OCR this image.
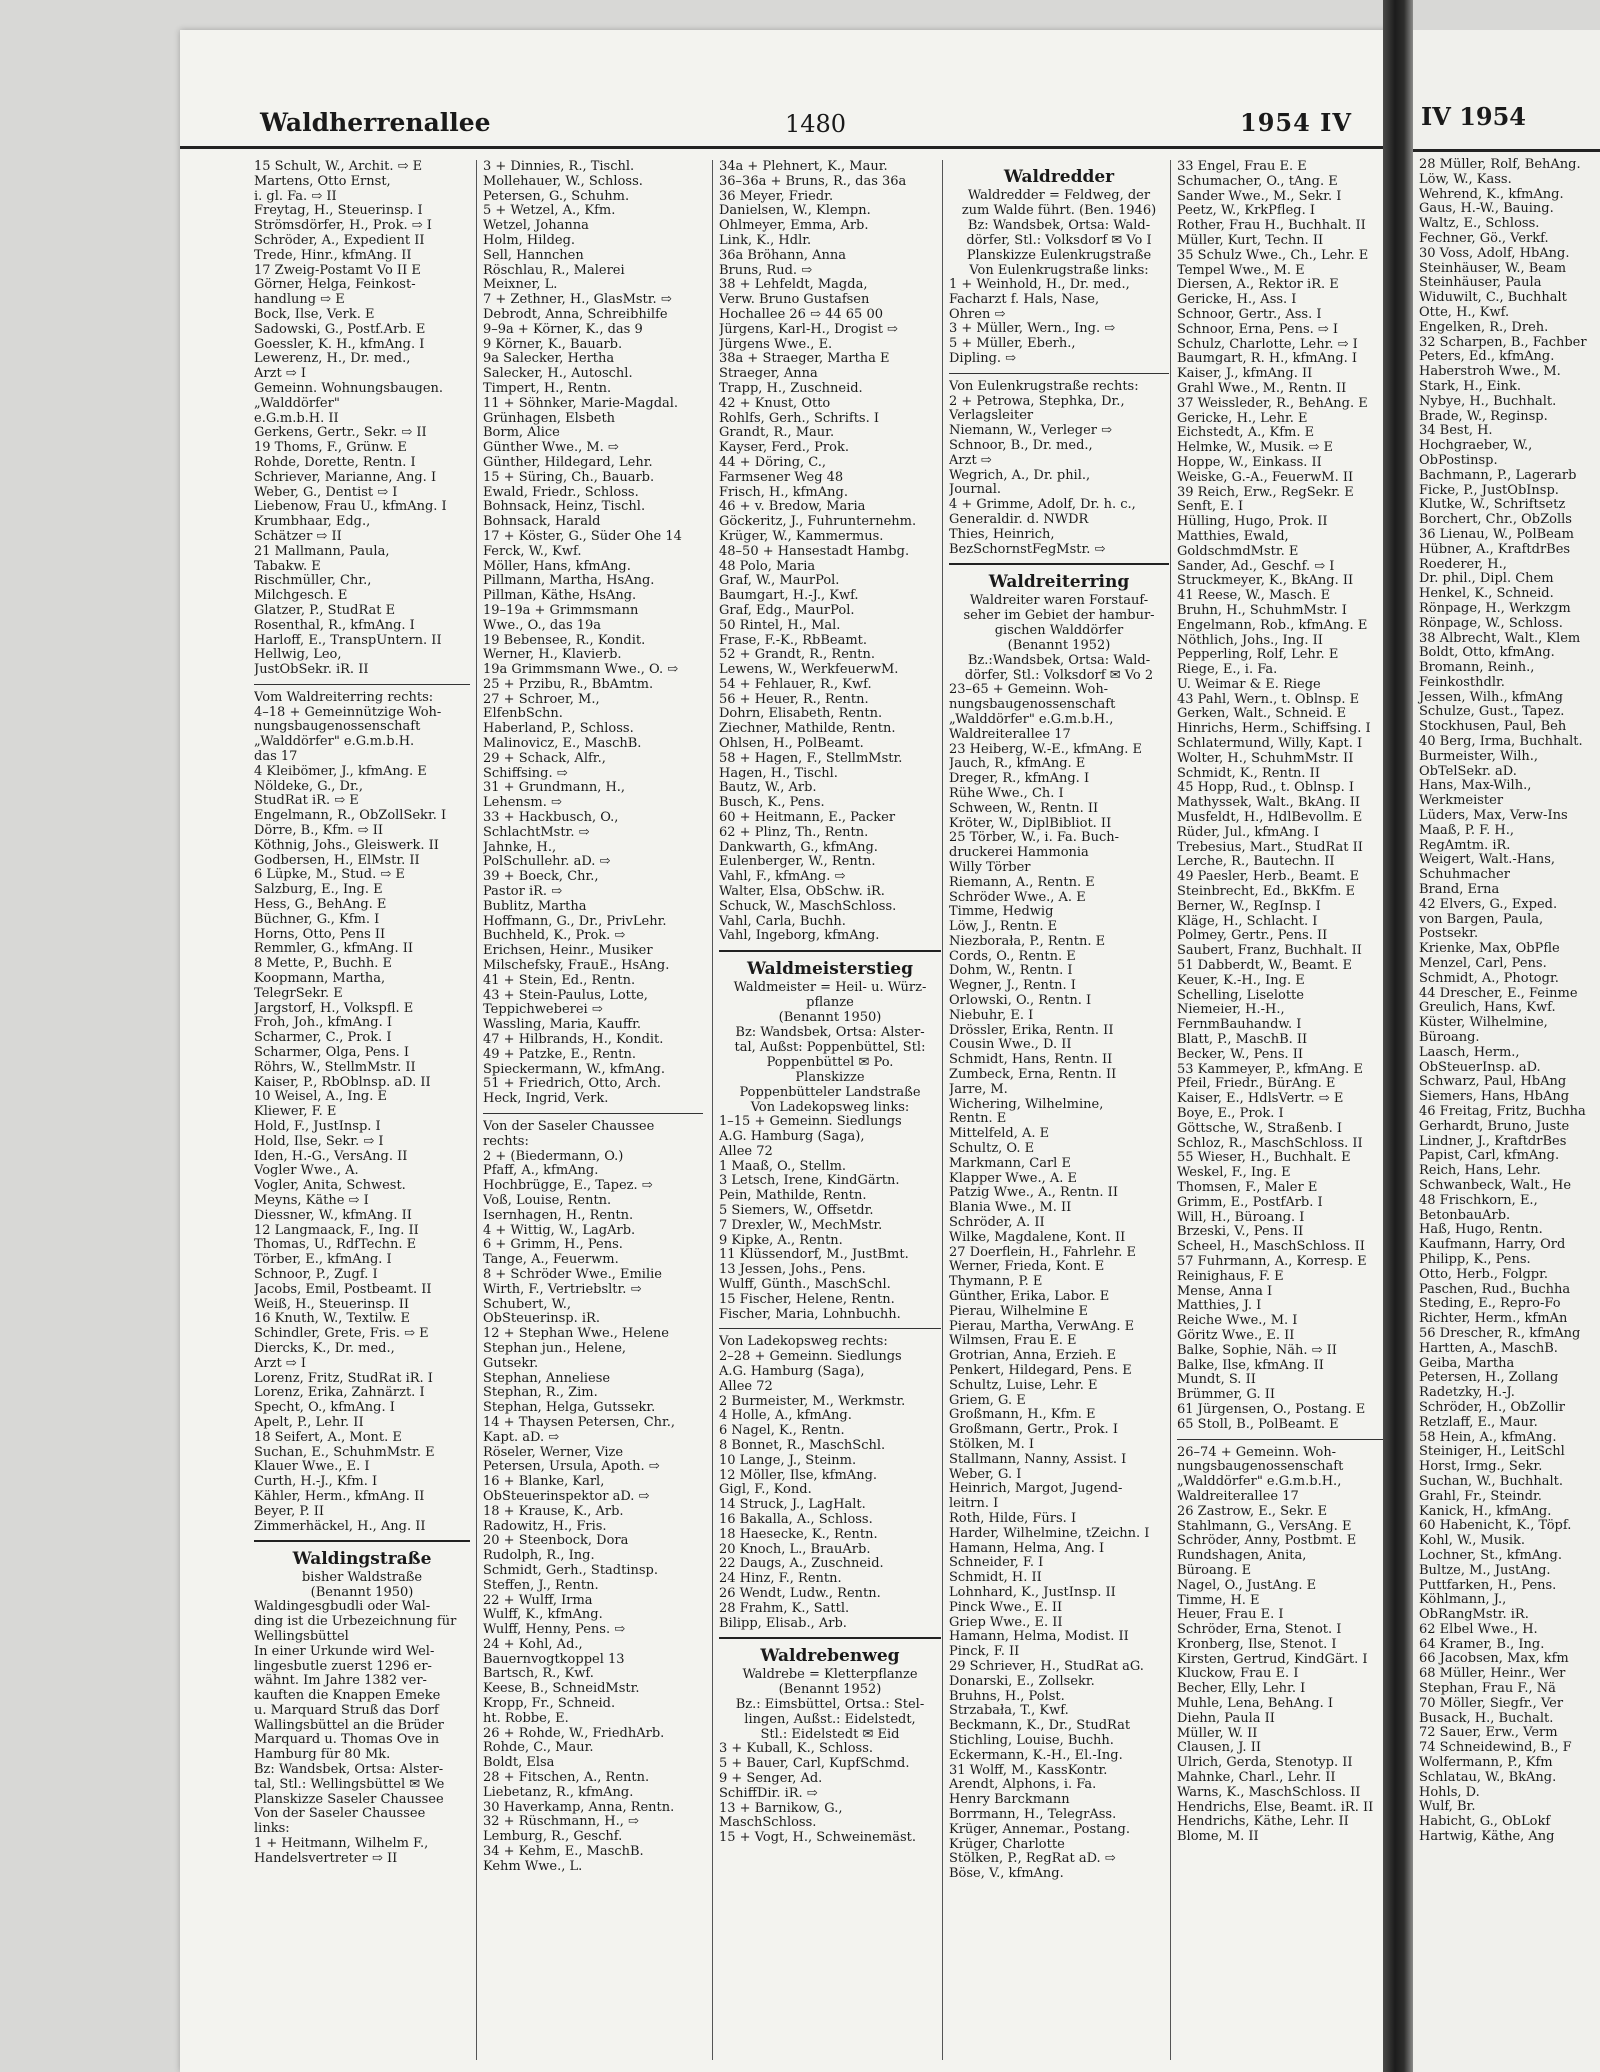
Waldherrenallee	1480	1954 IV
15 Schult, W., Archit. ⇨ E
Martens, Otto Ernst,
i. gl. Fa. ⇨ II
Freytag, H., Steuerinsp. I
Strömsdörfer, H., Prok. ⇨ I
Schröder, A., Expedient II
Trede, Hinr., kfmAng. II
17 Zweig-Postamt Vo II E
Görner, Helga, Feinkost-
handlung ⇨ E
Bock, Ilse, Verk. E
Sadowski, G., Postf.Arb. E
Goessler, K. H., kfmAng. I
Lewerenz, H., Dr. med.,
Arzt ⇨ I
Gemeinn. Wohnungsbaugen.
„Walddörfer"
e.G.m.b.H. II
Gerkens, Gertr., Sekr. ⇨ II
19 Thoms, F., Grünw. E
Rohde, Dorette, Rentn. I
Schriever, Marianne, Ang. I
Weber, G., Dentist ⇨ I
Liebenow, Frau U., kfmAng. I
Krumbhaar, Edg.,
Schätzer ⇨ II
21 Mallmann, Paula,
Tabakw. E
Rischmüller, Chr.,
Milchgesch. E
Glatzer, P., StudRat E
Rosenthal, R., kfmAng. I
Harloff, E., TranspUntern. II
Hellwig, Leo,
JustObSekr. iR. II
Vom Waldreiterring rechts:
4–18 + Gemeinnützige Woh-
nungsbaugenossenschaft
„Walddörfer" e.G.m.b.H.
das 17
4 Kleibömer, J., kfmAng. E
Nöldeke, G., Dr.,
StudRat iR. ⇨ E
Engelmann, R., ObZollSekr. I
Dörre, B., Kfm. ⇨ II
Köthnig, Johs., Gleiswerk. II
Godbersen, H., ElMstr. II
6 Lüpke, M., Stud. ⇨ E
Salzburg, E., Ing. E
Hess, G., BehAng. E
Büchner, G., Kfm. I
Horns, Otto, Pens II
Remmler, G., kfmAng. II
8 Mette, P., Buchh. E
Koopmann, Martha,
TelegrSekr. E
Jargstorf, H., Volkspfl. E
Froh, Joh., kfmAng. I
Scharmer, C., Prok. I
Scharmer, Olga, Pens. I
Röhrs, W., StellmMstr. II
Kaiser, P., RbOblnsp. aD. II
10 Weisel, A., Ing. E
Kliewer, F. E
Hold, F., JustInsp. I
Hold, Ilse, Sekr. ⇨ I
Iden, H.-G., VersAng. II
Vogler Wwe., A.
Vogler, Anita, Schwest.
Meyns, Käthe ⇨ I
Diessner, W., kfmAng. II
12 Langmaack, F., Ing. II
Thomas, U., RdfTechn. E
Törber, E., kfmAng. I
Schnoor, P., Zugf. I
Jacobs, Emil, Postbeamt. II
Weiß, H., Steuerinsp. II
16 Knuth, W., Textilw. E
Schindler, Grete, Fris. ⇨ E
Diercks, K., Dr. med.,
Arzt ⇨ I
Lorenz, Fritz, StudRat iR. I
Lorenz, Erika, Zahnärzt. I
Specht, O., kfmAng. I
Apelt, P., Lehr. II
18 Seifert, A., Mont. E
Suchan, E., SchuhmMstr. E
Klauer Wwe., E. I
Curth, H.-J., Kfm. I
Kähler, Herm., kfmAng. II
Beyer, P. II
Zimmerhäckel, H., Ang. II
Waldingstraße
bisher Waldstraße
(Benannt 1950)
Waldingesgbudli oder Wal-
ding ist die Urbezeichnung für
Wellingsbüttel
In einer Urkunde wird Wel-
lingesbutle zuerst 1296 er-
wähnt. Im Jahre 1382 ver-
kauften die Knappen Emeke
u. Marquard Struß das Dorf
Wallingsbüttel an die Brüder
Marquard u. Thomas Ove in
Hamburg für 80 Mk.
Bz: Wandsbek, Ortsa: Alster-
tal, Stl.: Wellingsbüttel ✉ We
Planskizze Saseler Chaussee
Von der Saseler Chaussee
links:
1 + Heitmann, Wilhelm F.,
Handelsvertreter ⇨ II
3 + Dinnies, R., Tischl.
Mollehauer, W., Schloss.
Petersen, G., Schuhm.
5 + Wetzel, A., Kfm.
Wetzel, Johanna
Holm, Hildeg.
Sell, Hannchen
Röschlau, R., Malerei
Meixner, L.
7 + Zethner, H., GlasMstr. ⇨
Debrodt, Anna, Schreibhilfe
9–9a + Körner, K., das 9
9 Körner, K., Bauarb.
9a Salecker, Hertha
Salecker, H., Autoschl.
Timpert, H., Rentn.
11 + Söhnker, Marie-Magdal.
Grünhagen, Elsbeth
Borm, Alice
Günther Wwe., M. ⇨
Günther, Hildegard, Lehr.
15 + Süring, Ch., Bauarb.
Ewald, Friedr., Schloss.
Bohnsack, Heinz, Tischl.
Bohnsack, Harald
17 + Köster, G., Süder Ohe 14
Ferck, W., Kwf.
Möller, Hans, kfmAng.
Pillmann, Martha, HsAng.
Pillman, Käthe, HsAng.
19–19a + Grimmsmann
Wwe., O., das 19a
19 Bebensee, R., Kondit.
Werner, H., Klavierb.
19a Grimmsmann Wwe., O. ⇨
25 + Przibu, R., BbAmtm.
27 + Schroer, M.,
ElfenbSchn.
Haberland, P., Schloss.
Malinovicz, E., MaschB.
29 + Schack, Alfr.,
Schiffsing. ⇨
31 + Grundmann, H.,
Lehensm. ⇨
33 + Hackbusch, O.,
SchlachtMstr. ⇨
Jahnke, H.,
PolSchullehr. aD. ⇨
39 + Boeck, Chr.,
Pastor iR. ⇨
Bublitz, Martha
Hoffmann, G., Dr., PrivLehr.
Buchheld, K., Prok. ⇨
Erichsen, Heinr., Musiker
Milschefsky, FrauE., HsAng.
41 + Stein, Ed., Rentn.
43 + Stein-Paulus, Lotte,
Teppichweberei ⇨
Wassling, Maria, Kauffr.
47 + Hilbrands, H., Kondit.
49 + Patzke, E., Rentn.
Spieckermann, W., kfmAng.
51 + Friedrich, Otto, Arch.
Heck, Ingrid, Verk.
Von der Saseler Chaussee
rechts:
2 + (Biedermann, O.)
Pfaff, A., kfmAng.
Hochbrügge, E., Tapez. ⇨
Voß, Louise, Rentn.
Isernhagen, H., Rentn.
4 + Wittig, W., LagArb.
6 + Grimm, H., Pens.
Tange, A., Feuerwm.
8 + Schröder Wwe., Emilie
Wirth, F., Vertriebsltr. ⇨
Schubert, W.,
ObSteuerinsp. iR.
12 + Stephan Wwe., Helene
Stephan jun., Helene,
Gutsekr.
Stephan, Anneliese
Stephan, R., Zim.
Stephan, Helga, Gutssekr.
14 + Thaysen Petersen, Chr.,
Kapt. aD. ⇨
Röseler, Werner, Vize
Petersen, Ursula, Apoth. ⇨
16 + Blanke, Karl,
ObSteuerinspektor aD. ⇨
18 + Krause, K., Arb.
Radowitz, H., Fris.
20 + Steenbock, Dora
Rudolph, R., Ing.
Schmidt, Gerh., Stadtinsp.
Steffen, J., Rentn.
22 + Wulff, Irma
Wulff, K., kfmAng.
Wulff, Henny, Pens. ⇨
24 + Kohl, Ad.,
Bauernvogtkoppel 13
Bartsch, R., Kwf.
Keese, B., SchneidMstr.
Kropp, Fr., Schneid.
ht. Robbe, E.
26 + Rohde, W., FriedhArb.
Rohde, C., Maur.
Boldt, Elsa
28 + Fitschen, A., Rentn.
Liebetanz, R., kfmAng.
30 Haverkamp, Anna, Rentn.
32 + Rüschmann, H., ⇨
Lemburg, R., Geschf.
34 + Kehm, E., MaschB.
Kehm Wwe., L.
34a + Plehnert, K., Maur.
36–36a + Bruns, R., das 36a
36 Meyer, Friedr.
Danielsen, W., Klempn.
Ohlmeyer, Emma, Arb.
Link, K., Hdlr.
36a Bröhann, Anna
Bruns, Rud. ⇨
38 + Lehfeldt, Magda,
Verw. Bruno Gustafsen
Hochallee 26 ⇨ 44 65 00
Jürgens, Karl-H., Drogist ⇨
Jürgens Wwe., E.
38a + Straeger, Martha E
Straeger, Anna
Trapp, H., Zuschneid.
42 + Knust, Otto
Rohlfs, Gerh., Schrifts. I
Grandt, R., Maur.
Kayser, Ferd., Prok.
44 + Döring, C.,
Farmsener Weg 48
Frisch, H., kfmAng.
46 + v. Bredow, Maria
Göckeritz, J., Fuhrunternehm.
Krüger, W., Kammermus.
48–50 + Hansestadt Hambg.
48 Polo, Maria
Graf, W., MaurPol.
Baumgart, H.-J., Kwf.
Graf, Edg., MaurPol.
50 Rintel, H., Mal.
Frase, F.-K., RbBeamt.
52 + Grandt, R., Rentn.
Lewens, W., WerkfeuerwM.
54 + Fehlauer, R., Kwf.
56 + Heuer, R., Rentn.
Dohrn, Elisabeth, Rentn.
Ziechner, Mathilde, Rentn.
Ohlsen, H., PolBeamt.
58 + Hagen, F., StellmMstr.
Hagen, H., Tischl.
Bautz, W., Arb.
Busch, K., Pens.
60 + Heitmann, E., Packer
62 + Plinz, Th., Rentn.
Dankwarth, G., kfmAng.
Eulenberger, W., Rentn.
Vahl, F., kfmAng. ⇨
Walter, Elsa, ObSchw. iR.
Schuck, W., MaschSchloss.
Vahl, Carla, Buchh.
Vahl, Ingeborg, kfmAng.
Waldmeisterstieg
Waldmeister = Heil- u. Würz-
pflanze
(Benannt 1950)
Bz: Wandsbek, Ortsa: Alster-
tal, Außst: Poppenbüttel, Stl:
Poppenbüttel ✉ Po.
Planskizze
Poppenbütteler Landstraße
Von Ladekopsweg links:
1–15 + Gemeinn. Siedlungs
A.G. Hamburg (Saga),
Allee 72
1 Maaß, O., Stellm.
3 Letsch, Irene, KindGärtn.
Pein, Mathilde, Rentn.
5 Siemers, W., Offsetdr.
7 Drexler, W., MechMstr.
9 Kipke, A., Rentn.
11 Klüssendorf, M., JustBmt.
13 Jessen, Johs., Pens.
Wulff, Günth., MaschSchl.
15 Fischer, Helene, Rentn.
Fischer, Maria, Lohnbuchh.
Von Ladekopsweg rechts:
2–28 + Gemeinn. Siedlungs
A.G. Hamburg (Saga),
Allee 72
2 Burmeister, M., Werkmstr.
4 Holle, A., kfmAng.
6 Nagel, K., Rentn.
8 Bonnet, R., MaschSchl.
10 Lange, J., Steinm.
12 Möller, Ilse, kfmAng.
Gigl, F., Kond.
14 Struck, J., LagHalt.
16 Bakalla, A., Schloss.
18 Haesecke, K., Rentn.
20 Knoch, L., BrauArb.
22 Daugs, A., Zuschneid.
24 Hinz, F., Rentn.
26 Wendt, Ludw., Rentn.
28 Frahm, K., Sattl.
Bilipp, Elisab., Arb.
Waldrebenweg
Waldrebe = Kletterpflanze
(Benannt 1952)
Bz.: Eimsbüttel, Ortsa.: Stel-
lingen, Außst.: Eidelstedt,
Stl.: Eidelstedt ✉ Eid
3 + Kuball, K., Schloss.
5 + Bauer, Carl, KupfSchmd.
9 + Senger, Ad.
SchiffDir. iR. ⇨
13 + Barnikow, G.,
MaschSchloss.
15 + Vogt, H., Schweinemäst.
Waldredder
Waldredder = Feldweg, der
zum Walde führt. (Ben. 1946)
Bz: Wandsbek, Ortsa: Wald-
dörfer, Stl.: Volksdorf ✉ Vo I
Planskizze Eulenkrugstraße
Von Eulenkrugstraße links:
1 + Weinhold, H., Dr. med.,
Facharzt f. Hals, Nase,
Ohren ⇨
3 + Müller, Wern., Ing. ⇨
5 + Müller, Eberh.,
Dipling. ⇨
Von Eulenkrugstraße rechts:
2 + Petrowa, Stephka, Dr.,
Verlagsleiter
Niemann, W., Verleger ⇨
Schnoor, B., Dr. med.,
Arzt ⇨
Wegrich, A., Dr. phil.,
Journal.
4 + Grimme, Adolf, Dr. h. c.,
Generaldir. d. NWDR
Thies, Heinrich,
BezSchornstFegMstr. ⇨
Waldreiterring
Waldreiter waren Forstauf-
seher im Gebiet der hambur-
gischen Walddörfer
(Benannt 1952)
Bz.:Wandsbek, Ortsa: Wald-
dörfer, Stl.: Volksdorf ✉ Vo 2
23–65 + Gemeinn. Woh-
nungsbaugenossenschaft
„Walddörfer" e.G.m.b.H.,
Waldreiterallee 17
23 Heiberg, W.-E., kfmAng. E
Jauch, R., kfmAng. E
Dreger, R., kfmAng. I
Rühe Wwe., Ch. I
Schween, W., Rentn. II
Kröter, W., DiplBibliot. II
25 Törber, W., i. Fa. Buch-
druckerei Hammonia
Willy Törber
Riemann, A., Rentn. E
Schröder Wwe., A. E
Timme, Hedwig
Löw, J., Rentn. E
Niezborała, P., Rentn. E
Cords, O., Rentn. E
Dohm, W., Rentn. I
Wegner, J., Rentn. I
Orlowski, O., Rentn. I
Niebuhr, E. I
Drössler, Erika, Rentn. II
Cousin Wwe., D. II
Schmidt, Hans, Rentn. II
Zumbeck, Erna, Rentn. II
Jarre, M.
Wichering, Wilhelmine,
Rentn. E
Mittelfeld, A. E
Schultz, O. E
Markmann, Carl E
Klapper Wwe., A. E
Patzig Wwe., A., Rentn. II
Blania Wwe., M. II
Schröder, A. II
Wilke, Magdalene, Kont. II
27 Doerflein, H., Fahrlehr. E
Werner, Frieda, Kont. E
Thymann, P. E
Günther, Erika, Labor. E
Pierau, Wilhelmine E
Pierau, Martha, VerwAng. E
Wilmsen, Frau E. E
Grotrian, Anna, Erzieh. E
Penkert, Hildegard, Pens. E
Schultz, Luise, Lehr. E
Griem, G. E
Großmann, H., Kfm. E
Großmann, Gertr., Prok. I
Stölken, M. I
Stallmann, Nanny, Assist. I
Weber, G. I
Heinrich, Margot, Jugend-
leitrn. I
Roth, Hilde, Fürs. I
Harder, Wilhelmine, tZeichn. I
Hamann, Helma, Ang. I
Schneider, F. I
Schmidt, H. II
Lohnhard, K., JustInsp. II
Pinck Wwe., E. II
Griep Wwe., E. II
Hamann, Helma, Modist. II
Pinck, F. II
29 Schriever, H., StudRat aG.
Donarski, E., Zollsekr.
Bruhns, H., Polst.
Strzabała, T., Kwf.
Beckmann, K., Dr., StudRat
Stichling, Louise, Buchh.
Eckermann, K.-H., El.-Ing.
31 Wolff, M., KassKontr.
Arendt, Alphons, i. Fa.
Henry Barckmann
Borrmann, H., TelegrAss.
Krüger, Annemar., Postang.
Krüger, Charlotte
Stölken, P., RegRat aD. ⇨
Böse, V., kfmAng.
33 Engel, Frau E. E
Schumacher, O., tAng. E
Sander Wwe., M., Sekr. I
Peetz, W., KrkPfleg. I
Rother, Frau H., Buchhalt. II
Müller, Kurt, Techn. II
35 Schulz Wwe., Ch., Lehr. E
Tempel Wwe., M. E
Diersen, A., Rektor iR. E
Gericke, H., Ass. I
Schnoor, Gertr., Ass. I
Schnoor, Erna, Pens. ⇨ I
Schulz, Charlotte, Lehr. ⇨ I
Baumgart, R. H., kfmAng. I
Kaiser, J., kfmAng. II
Grahl Wwe., M., Rentn. II
37 Weissleder, R., BehAng. E
Gericke, H., Lehr. E
Eichstedt, A., Kfm. E
Helmke, W., Musik. ⇨ E
Hoppe, W., Einkass. II
Weiske, G.-A., FeuerwM. II
39 Reich, Erw., RegSekr. E
Senft, E. I
Hülling, Hugo, Prok. II
Matthies, Ewald,
GoldschmdMstr. E
Sander, Ad., Geschf. ⇨ I
Struckmeyer, K., BkAng. II
41 Reese, W., Masch. E
Bruhn, H., SchuhmMstr. I
Engelmann, Rob., kfmAng. E
Nöthlich, Johs., Ing. II
Pepperling, Rolf, Lehr. E
Riege, E., i. Fa.
U. Weimar & E. Riege
43 Pahl, Wern., t. Oblnsp. E
Gerken, Walt., Schneid. E
Hinrichs, Herm., Schiffsing. I
Schlatermund, Willy, Kapt. I
Wolter, H., SchuhmMstr. II
Schmidt, K., Rentn. II
45 Hopp, Rud., t. Oblnsp. I
Mathyssek, Walt., BkAng. II
Musfeldt, H., HdlBevollm. E
Rüder, Jul., kfmAng. I
Trebesius, Mart., StudRat II
Lerche, R., Bautechn. II
49 Paesler, Herb., Beamt. E
Steinbrecht, Ed., BkKfm. E
Berner, W., RegInsp. I
Kläge, H., Schlacht. I
Polmey, Gertr., Pens. II
Saubert, Franz, Buchhalt. II
51 Dabberdt, W., Beamt. E
Keuer, K.-H., Ing. E
Schelling, Liselotte
Niemeier, H.-H.,
FernmBauhandw. I
Blatt, P., MaschB. II
Becker, W., Pens. II
53 Kammeyer, P., kfmAng. E
Pfeil, Friedr., BürAng. E
Kaiser, E., HdlsVertr. ⇨ E
Boye, E., Prok. I
Göttsche, W., Straßenb. I
Schloz, R., MaschSchloss. II
55 Wieser, H., Buchhalt. E
Weskel, F., Ing. E
Thomsen, F., Maler E
Grimm, E., PostfArb. I
Will, H., Büroang. I
Brzeski, V., Pens. II
Scheel, H., MaschSchloss. II
57 Fuhrmann, A., Korresp. E
Reinighaus, F. E
Mense, Anna I
Matthies, J. I
Reiche Wwe., M. I
Göritz Wwe., E. II
Balke, Sophie, Näh. ⇨ II
Balke, Ilse, kfmAng. II
Mundt, S. II
Brümmer, G. II
61 Jürgensen, O., Postang. E
65 Stoll, B., PolBeamt. E
26–74 + Gemeinn. Woh-
nungsbaugenossenschaft
„Walddörfer" e.G.m.b.H.,
Waldreiterallee 17
26 Zastrow, E., Sekr. E
Stahlmann, G., VersAng. E
Schröder, Anny, Postbmt. E
Rundshagen, Anita,
Büroang. E
Nagel, O., JustAng. E
Timme, H. E
Heuer, Frau E. I
Schröder, Erna, Stenot. I
Kronberg, Ilse, Stenot. I
Kirsten, Gertrud, KindGärt. I
Kluckow, Frau E. I
Becher, Elly, Lehr. I
Muhle, Lena, BehAng. I
Diehn, Paula II
Müller, W. II
Clausen, J. II
Ulrich, Gerda, Stenotyp. II
Mahnke, Charl., Lehr. II
Warns, K., MaschSchloss. II
Hendrichs, Else, Beamt. iR. II
Hendrichs, Käthe, Lehr. II
Blome, M. II
IV 1954
28 Müller, Rolf, BehAng.
Löw, W., Kass.
Wehrend, K., kfmAng.
Gaus, H.-W., Bauing.
Waltz, E., Schloss.
Fechner, Gö., Verkf.
30 Voss, Adolf, HbAng.
Steinhäuser, W., Beam
Steinhäuser, Paula
Widuwilt, C., Buchhalt
Otte, H., Kwf.
Engelken, R., Dreh.
32 Scharpen, B., Fachber
Peters, Ed., kfmAng.
Haberstroh Wwe., M.
Stark, H., Eink.
Nybye, H., Buchhalt.
Brade, W., Reginsp.
34 Best, H.
Hochgraeber, W.,
ObPostinsp.
Bachmann, P., Lagerarb
Ficke, P., JustObInsp.
Klutke, W., Schriftsetz
Borchert, Chr., ObZolls
36 Lienau, W., PolBeam
Hübner, A., KraftdrBes
Roederer, H.,
Dr. phil., Dipl. Chem
Henkel, K., Schneid.
Rönpage, H., Werkzgm
Rönpage, W., Schloss.
38 Albrecht, Walt., Klem
Boldt, Otto, kfmAng.
Bromann, Reinh.,
Feinkosthdlr.
Jessen, Wilh., kfmAng
Schulze, Gust., Tapez.
Stockhusen, Paul, Beh
40 Berg, Irma, Buchhalt.
Burmeister, Wilh.,
ObTelSekr. aD.
Hans, Max-Wilh.,
Werkmeister
Lüders, Max, Verw-Ins
Maaß, P. F. H.,
RegAmtm. iR.
Weigert, Walt.-Hans,
Schuhmacher
Brand, Erna
42 Elvers, G., Exped.
von Bargen, Paula,
Postsekr.
Krienke, Max, ObPfle
Menzel, Carl, Pens.
Schmidt, A., Photogr.
44 Drescher, E., Feinme
Greulich, Hans, Kwf.
Küster, Wilhelmine,
Büroang.
Laasch, Herm.,
ObSteuerInsp. aD.
Schwarz, Paul, HbAng
Siemers, Hans, HbAng
46 Freitag, Fritz, Buchha
Gerhardt, Bruno, Juste
Lindner, J., KraftdrBes
Papist, Carl, kfmAng.
Reich, Hans, Lehr.
Schwanbeck, Walt., He
48 Frischkorn, E.,
BetonbauArb.
Haß, Hugo, Rentn.
Kaufmann, Harry, Ord
Philipp, K., Pens.
Otto, Herb., Folgpr.
Paschen, Rud., Buchha
Steding, E., Repro-Fo
Richter, Herm., kfmAn
56 Drescher, R., kfmAng
Hartten, A., MaschB.
Geiba, Martha
Petersen, H., Zollang
Radetzky, H.-J.
Schröder, H., ObZollir
Retzlaff, E., Maur.
58 Hein, A., kfmAng.
Steiniger, H., LeitSchl
Horst, Irmg., Sekr.
Suchan, W., Buchhalt.
Grahl, Fr., Steindr.
Kanick, H., kfmAng.
60 Habenicht, K., Töpf.
Kohl, W., Musik.
Lochner, St., kfmAng.
Bultze, M., JustAng.
Puttfarken, H., Pens.
Köhlmann, J.,
ObRangMstr. iR.
62 Elbel Wwe., H.
64 Kramer, B., Ing.
66 Jacobsen, Max, kfm
68 Müller, Heinr., Wer
Stephan, Frau F., Nä
70 Möller, Siegfr., Ver
Busack, H., Buchalt.
72 Sauer, Erw., Verm
74 Schneidewind, B., F
Wolfermann, P., Kfm
Schlatau, W., BkAng.
Hohls, D.
Wulf, Br.
Habicht, G., ObLokf
Hartwig, Käthe, Ang
